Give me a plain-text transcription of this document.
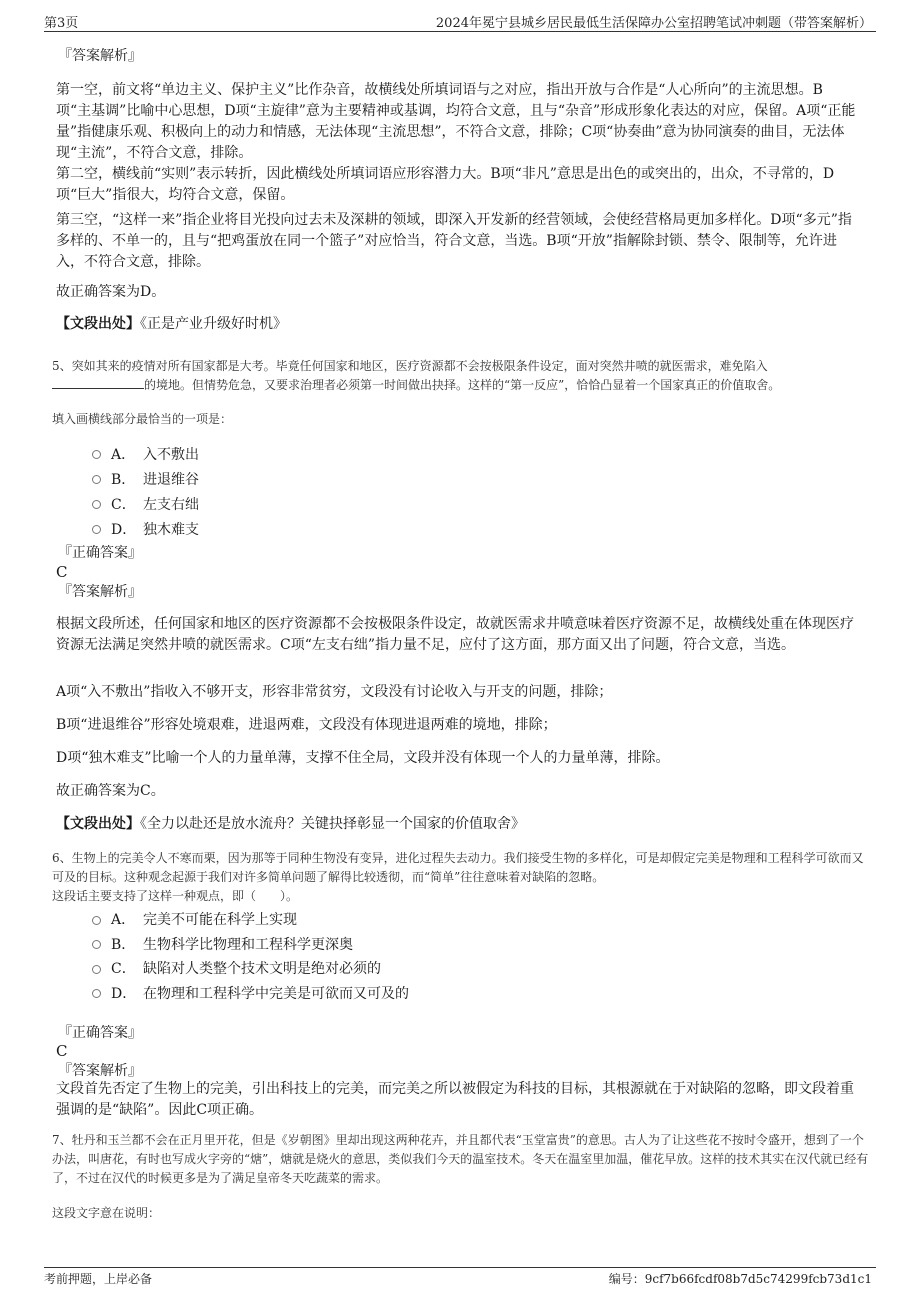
第3页	2024年冕宁县城乡居民最低生活保障办公室招聘笔试冲刺题（带答案解析）
『答案解析』

第一空，前文将“单边主义、保护主义”比作杂音，故横线处所填词语与之对应，指出开放与合作是“人心所向”的主流思想。B项“主基调”比喻中心思想，D项“主旋律”意为主要精神或基调，均符合文意，且与“杂音”形成形象化表达的对应，保留。A项“正能量”指健康乐观、积极向上的动力和情感，无法体现“主流思想”，不符合文意，排除；C项“协奏曲”意为协同演奏的曲目，无法体现“主流”，不符合文意，排除。

第二空，横线前“实则”表示转折，因此横线处所填词语应形容潜力大。B项“非凡”意思是出色的或突出的，出众，不寻常的，D项“巨大”指很大，均符合文意，保留。

第三空，“这样一来”指企业将目光投向过去未及深耕的领域，即深入开发新的经营领域，会使经营格局更加多样化。D项“多元”指多样的、不单一的，且与“把鸡蛋放在同一个篮子”对应恰当，符合文意，当选。B项“开放”指解除封锁、禁令、限制等，允许进入，不符合文意，排除。

故正确答案为D。
【文段出处】《正是产业升级好时机》

5、突如其来的疫情对所有国家都是大考。毕竟任何国家和地区，医疗资源都不会按极限条件设定，面对突然井喷的就医需求，难免陷入
的境地。但情势危急，又要求治理者必须第一时间做出抉择。这样的“第一反应”，恰恰凸显着一个国家真正的价值取舍。

填入画横线部分最恰当的一项是：
A． 入不敷出
B． 进退维谷
C． 左支右绌
D． 独木难支
『正确答案』
C
『答案解析』

根据文段所述，任何国家和地区的医疗资源都不会按极限条件设定，故就医需求井喷意味着医疗资源不足，故横线处重在体现医疗资源无法满足突然井喷的就医需求。C项“左支右绌”指力量不足，应付了这方面，那方面又出了问题，符合文意，当选。

A项“入不敷出”指收入不够开支，形容非常贫穷，文段没有讨论收入与开支的问题，排除；

B项“进退维谷”形容处境艰难，进退两难，文段没有体现进退两难的境地，排除；

D项“独木难支”比喻一个人的力量单薄，支撑不住全局，文段并没有体现一个人的力量单薄，排除。

故正确答案为C。
【文段出处】《全力以赴还是放水流舟？关键抉择彰显一个国家的价值取舍》

6、生物上的完美令人不寒而栗，因为那等于同种生物没有变异，进化过程失去动力。我们接受生物的多样化，可是却假定完美是物理和工程科学可欲而又可及的目标。这种观念起源于我们对许多简单问题了解得比较透彻，而“简单”往往意味着对缺陷的忽略。

这段话主要支持了这样一种观点，即（　　）。
A． 完美不可能在科学上实现
B． 生物科学比物理和工程科学更深奥
C． 缺陷对人类整个技术文明是绝对必须的
D． 在物理和工程科学中完美是可欲而又可及的
『正确答案』
C
『答案解析』

文段首先否定了生物上的完美，引出科技上的完美，而完美之所以被假定为科技的目标，其根源就在于对缺陷的忽略，即文段着重强调的是“缺陷”。因此C项正确。

7、牡丹和玉兰都不会在正月里开花，但是《岁朝图》里却出现这两种花卉，并且都代表“玉堂富贵”的意思。古人为了让这些花不按时令盛开，想到了一个办法，叫唐花，有时也写成火字旁的“煻”，煻就是烧火的意思，类似我们今天的温室技术。冬天在温室里加温，催花早放。这样的技术其实在汉代就已经有了，不过在汉代的时候更多是为了满足皇帝冬天吃蔬菜的需求。

这段文字意在说明：
考前押题，上岸必备	编号：9cf7b66fcdf08b7d5c74299fcb73d1c1
